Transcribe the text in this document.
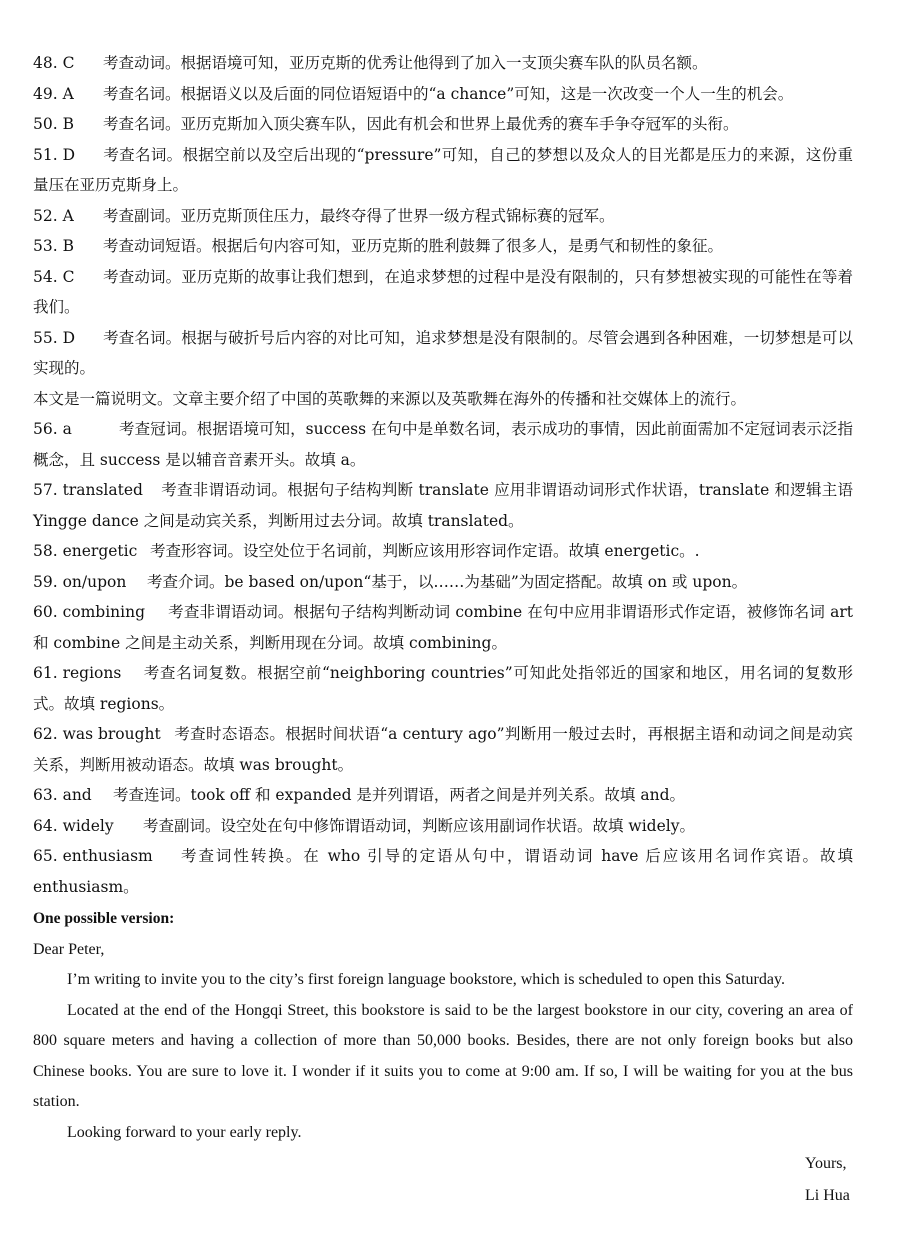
48. C 考查动词。根据语境可知，亚历克斯的优秀让他得到了加入一支顶尖赛车队的队员名额。

49. A 考查名词。根据语义以及后面的同位语短语中的“a chance”可知，这是一次改变一个人一生的机会。

50. B 考查名词。亚历克斯加入顶尖赛车队，因此有机会和世界上最优秀的赛车手争夺冠军的头衔。

51. D 考查名词。根据空前以及空后出现的“pressure”可知，自己的梦想以及众人的目光都是压力的来源，这份重量压在亚历克斯身上。

52. A 考查副词。亚历克斯顶住压力，最终夺得了世界一级方程式锦标赛的冠军。

53. B 考查动词短语。根据后句内容可知，亚历克斯的胜利鼓舞了很多人，是勇气和韧性的象征。

54. C 考查动词。亚历克斯的故事让我们想到，在追求梦想的过程中是没有限制的，只有梦想被实现的可能性在等着我们。

55. D 考查名词。根据与破折号后内容的对比可知，追求梦想是没有限制的。尽管会遇到各种困难，一切梦想是可以实现的。

本文是一篇说明文。文章主要介绍了中国的英歌舞的来源以及英歌舞在海外的传播和社交媒体上的流行。

56. a	考查冠词。根据语境可知，success 在句中是单数名词，表示成功的事情，因此前面需加不定冠词表示泛指概念，且 success 是以辅音音素开头。故填 a。

57. translated 考查非谓语动词。根据句子结构判断 translate 应用非谓语动词形式作状语，translate 和逻辑主语 Yingge dance 之间是动宾关系，判断用过去分词。故填 translated。

58. energetic 考查形容词。设空处位于名词前，判断应该用形容词作定语。故填 energetic。.

59. on/upon 考查介词。be based on/upon“基于，以……为基础”为固定搭配。故填 on 或 upon。

60. combining 考查非谓语动词。根据句子结构判断动词 combine 在句中应用非谓语形式作定语，被修饰名词 art 和 combine 之间是主动关系，判断用现在分词。故填 combining。

61. regions 考查名词复数。根据空前“neighboring countries”可知此处指邻近的国家和地区，用名词的复数形式。故填 regions。

62. was brought 考查时态语态。根据时间状语“a century ago”判断用一般过去时，再根据主语和动词之间是动宾关系，判断用被动语态。故填 was brought。

63. and 考查连词。took off 和 expanded 是并列谓语，两者之间是并列关系。故填 and。

64. widely 考查副词。设空处在句中修饰谓语动词，判断应该用副词作状语。故填 widely。

65. enthusiasm 考查词性转换。在 who 引导的定语从句中，谓语动词 have 后应该用名词作宾语。故填 enthusiasm。

One possible version:

Dear Peter,

I’m writing to invite you to the city’s first foreign language bookstore, which is scheduled to open this Saturday.

Located at the end of the Hongqi Street, this bookstore is said to be the largest bookstore in our city, covering an area of 800 square meters and having a collection of more than 50,000 books. Besides, there are not only foreign books but also Chinese books. You are sure to love it. I wonder if it suits you to come at 9:00 am. If so, I will be waiting for you at the bus station.

Looking forward to your early reply.

Yours,
Li Hua
